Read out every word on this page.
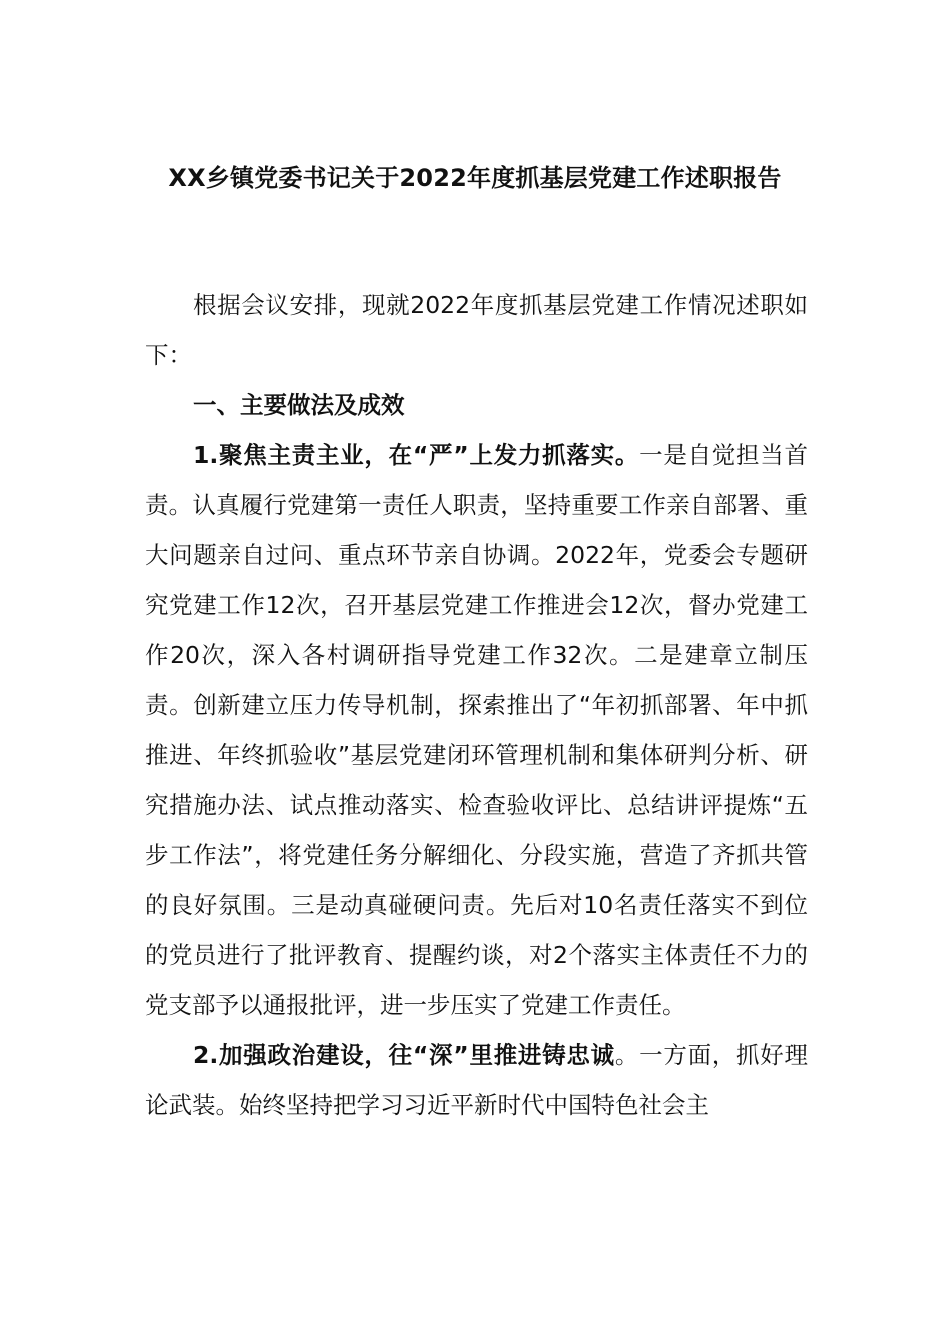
XX乡镇党委书记关于2022年度抓基层党建工作述职报告

根据会议安排，现就2022年度抓基层党建工作情况述职如下：

一、主要做法及成效

1.聚焦主责主业，在“严”上发力抓落实。一是自觉担当首责。认真履行党建第一责任人职责，坚持重要工作亲自部署、重大问题亲自过问、重点环节亲自协调。2022年，党委会专题研究党建工作12次，召开基层党建工作推进会12次，督办党建工作20次，深入各村调研指导党建工作32次。二是建章立制压责。创新建立压力传导机制，探索推出了“年初抓部署、年中抓推进、年终抓验收”基层党建闭环管理机制和集体研判分析、研究措施办法、试点推动落实、检查验收评比、总结讲评提炼“五步工作法”，将党建任务分解细化、分段实施，营造了齐抓共管的良好氛围。三是动真碰硬问责。先后对10名责任落实不到位的党员进行了批评教育、提醒约谈，对2个落实主体责任不力的党支部予以通报批评，进一步压实了党建工作责任。

2.加强政治建设，往“深”里推进铸忠诚。一方面，抓好理论武装。始终坚持把学习习近平新时代中国特色社会主
